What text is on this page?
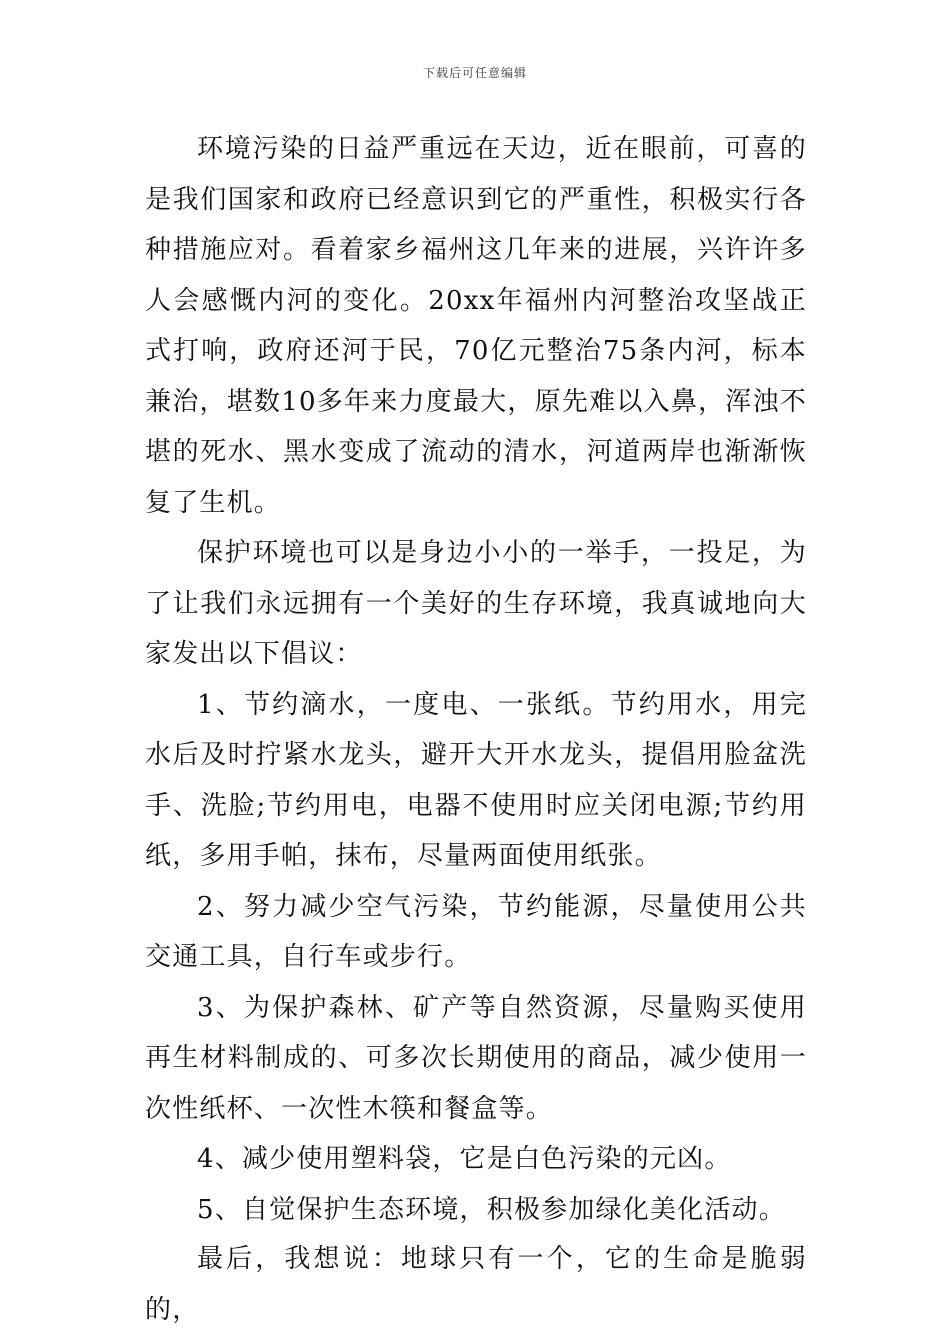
下载后可任意编辑

环境污染的日益严重远在天边，近在眼前，可喜的是我们国家和政府已经意识到它的严重性，积极实行各种措施应对。看着家乡福州这几年来的进展，兴许许多人会感慨内河的变化。20xx年福州内河整治攻坚战正式打响，政府还河于民，70亿元整治75条内河，标本兼治，堪数10多年来力度最大，原先难以入鼻，浑浊不堪的死水、黑水变成了流动的清水，河道两岸也渐渐恢复了生机。

保护环境也可以是身边小小的一举手，一投足，为了让我们永远拥有一个美好的生存环境，我真诚地向大家发出以下倡议：

1、节约滴水，一度电、一张纸。节约用水，用完水后及时拧紧水龙头，避开大开水龙头，提倡用脸盆洗手、洗脸;节约用电，电器不使用时应关闭电源;节约用纸，多用手帕，抹布，尽量两面使用纸张。

2、努力减少空气污染，节约能源，尽量使用公共交通工具，自行车或步行。

3、为保护森林、矿产等自然资源，尽量购买使用再生材料制成的、可多次长期使用的商品，减少使用一次性纸杯、一次性木筷和餐盒等。

4、减少使用塑料袋，它是白色污染的元凶。

5、自觉保护生态环境，积极参加绿化美化活动。

最后，我想说：地球只有一个，它的生命是脆弱的，
